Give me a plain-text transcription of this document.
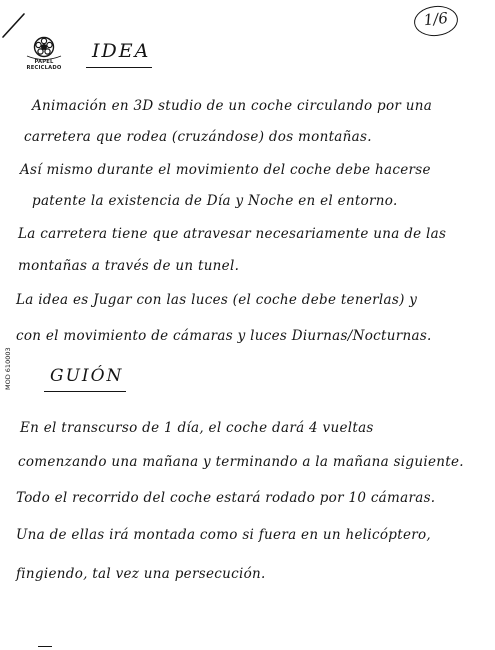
PAPEL RECICLADO
1/6
MOD 610003
IDEA
Animación en 3D studio de un coche circulando por una
carretera que rodea (cruzándose) dos montañas.
Así mismo durante el movimiento del coche debe hacerse
patente la existencia de Día y Noche en el entorno.
La carretera tiene que atravesar necesariamente una de las
montañas a través de un tunel.
La idea es Jugar con las luces (el coche debe tenerlas) y
con el movimiento de cámaras y luces Diurnas/Nocturnas.
GUIÓN
En el transcurso de 1 día, el coche dará 4 vueltas
comenzando una mañana y terminando a la mañana siguiente.
Todo el recorrido del coche estará rodado por 10 cámaras.
Una de ellas irá montada como si fuera en un helicóptero,
fingiendo, tal vez una persecución.
